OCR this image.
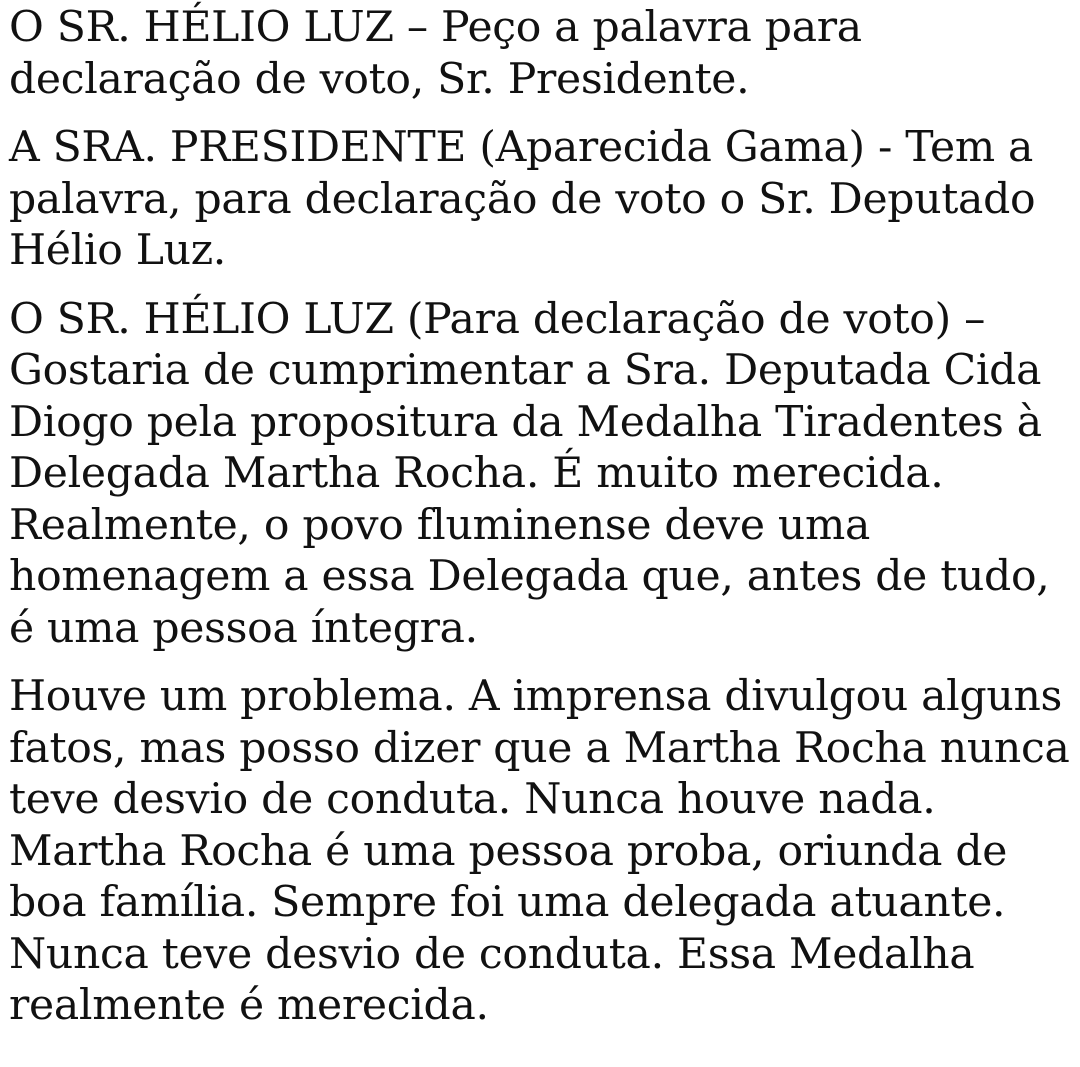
O SR. HÉLIO LUZ – Peço a palavra para declaração de voto, Sr. Presidente.

A SRA. PRESIDENTE (Aparecida Gama) - Tem a palavra, para declaração de voto o Sr. Deputado Hélio Luz.

O SR. HÉLIO LUZ (Para declaração de voto) – Gostaria de cumprimentar a Sra. Deputada Cida Diogo pela propositura da Medalha Tiradentes à Delegada Martha Rocha. É muito merecida. Realmente, o povo fluminense deve uma homenagem a essa Delegada que, antes de tudo, é uma pessoa íntegra.

Houve um problema. A imprensa divulgou alguns fatos, mas posso dizer que a Martha Rocha nunca teve desvio de conduta. Nunca houve nada. Martha Rocha é uma pessoa proba, oriunda de boa família. Sempre foi uma delegada atuante. Nunca teve desvio de conduta. Essa Medalha realmente é merecida.
